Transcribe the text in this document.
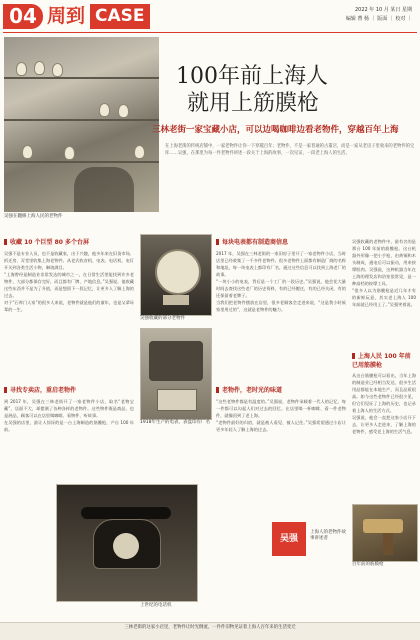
04 周到 CASE	2022 年 10 月 某日 星期
编辑 曹 杨 ｜ 版面 ｜ 校对 ｜
吴强在翻修上海人民的老物件
100年前上海人
就用上筋膜枪
三林老街一家宝藏小店，可以边喝咖啡边看老物件，穿越百年上海
在上海老街的传统店铺中，一家老物件让你一下穿越百年；老物件，不是一家普通的古董店，而是一家从老房子里收来的老物件的宝库……吴强，在那里为每一件老物件讲述一段关于上海的故事，一次见证，一段老上海人的生活。
收藏 10 个巨型 80 多个台屏
吴强不是专业人员，也不是收藏家，出于兴趣，他多年来在旧货市场、拆迁房、弄堂里收集上海老物件。从老式收音机、电表、电话机、电灯开关到各类生活小物，琳琅满目。
“上海曾经是制造业非常发达的城市之一，在日常生活里能找到许多老物件，大部分都保存完好，而且都有厂牌、产地信息。”吴强说，他收藏这些东西并不是为了升值，而是想留下一段记忆，让更多人了解上海的过去。
对于“石库门人家”的很多人来说，老物件就是他们的童年，也是父辈母辈的一生。
寻找专卖店，重启老物件
到 2017 年，吴强在三林老街开了一家老物件小店，取名“老物宝藏”，店面不大，却摆满了各种各样的老物件。这些物件既是商品，也是展品，顾客可以在店里喝咖啡、看物件、听故事。
在吴强的店里，最让人惊讶的是一台上海制造的筋膜枪，产自 100 年前。
吴强收藏的部分老物件
1918年生产的电表，表盘印有厂名
上世纪的电话机
每块电表都有制造商信息
2017 年，吴强在三林老街的一家旧房子里开了一家老物件小店，当时店里已经收集了一千多件老物件。很多老物件上面都有制造厂商的名称和地址，每一块电表上都印有厂名，通过这些信息可以找到上海老厂的故事。
“一块小小的电表，背后是一个工厂的一段历史。”吴强说，他会花大量时间去查找这些老厂的历史资料，有的已经搬迁，有的已经关闭，有的还保留着老牌子。
当我们把老物件摆放在店里，很多老顾客会走进来说，“这是我小时候家里用过的”，这就是老物件的魅力。
老物件，老时光的味道
“这些老物件都是有温度的。”吴强说，老物件承载着一代人的记忆，每一件都可以勾起人们对过去的回忆。在店里喝一杯咖啡、看一件老物件，就像回到了老上海。
“老物件最好的归宿，就是被人看见、被人记住。”吴强希望通过小店让更多年轻人了解上海的过去。
吴强收藏的老物件中，最有名的是那台 100 年前的筋膜枪。这台机器外形像一把小手枪，由黄铜和木头制成，通电后可以振动，用来按摩肌肉。吴强说，这种机器当年在上海的理发店和浴室很常见，是一种高档的按摩工具。
“很多人以为筋膜枪是近几年才有的新鲜玩意，其实老上海人 100 年前就已经用上了。”吴强笑着说。
上海人民 100 年前已用筋膜枪
从这台筋膜枪可以看出，当年上海的制造业已经相当发达，很多生活用品都能在本地生产，而且品质很高。如今这些老物件已经很少见，但它们见证了上海的历史，也记录着上海人的生活方式。
吴强说，他会一直把这家小店开下去，让更多人走进来，了解上海的老物件，感受老上海的生活气息。
百年前的筋膜枪
吴强
上海人的老物件故事讲述者
三林老街的这家小店里，老物件让时光倒流，一件件旧物见证着上海人百年来的生活变迁
